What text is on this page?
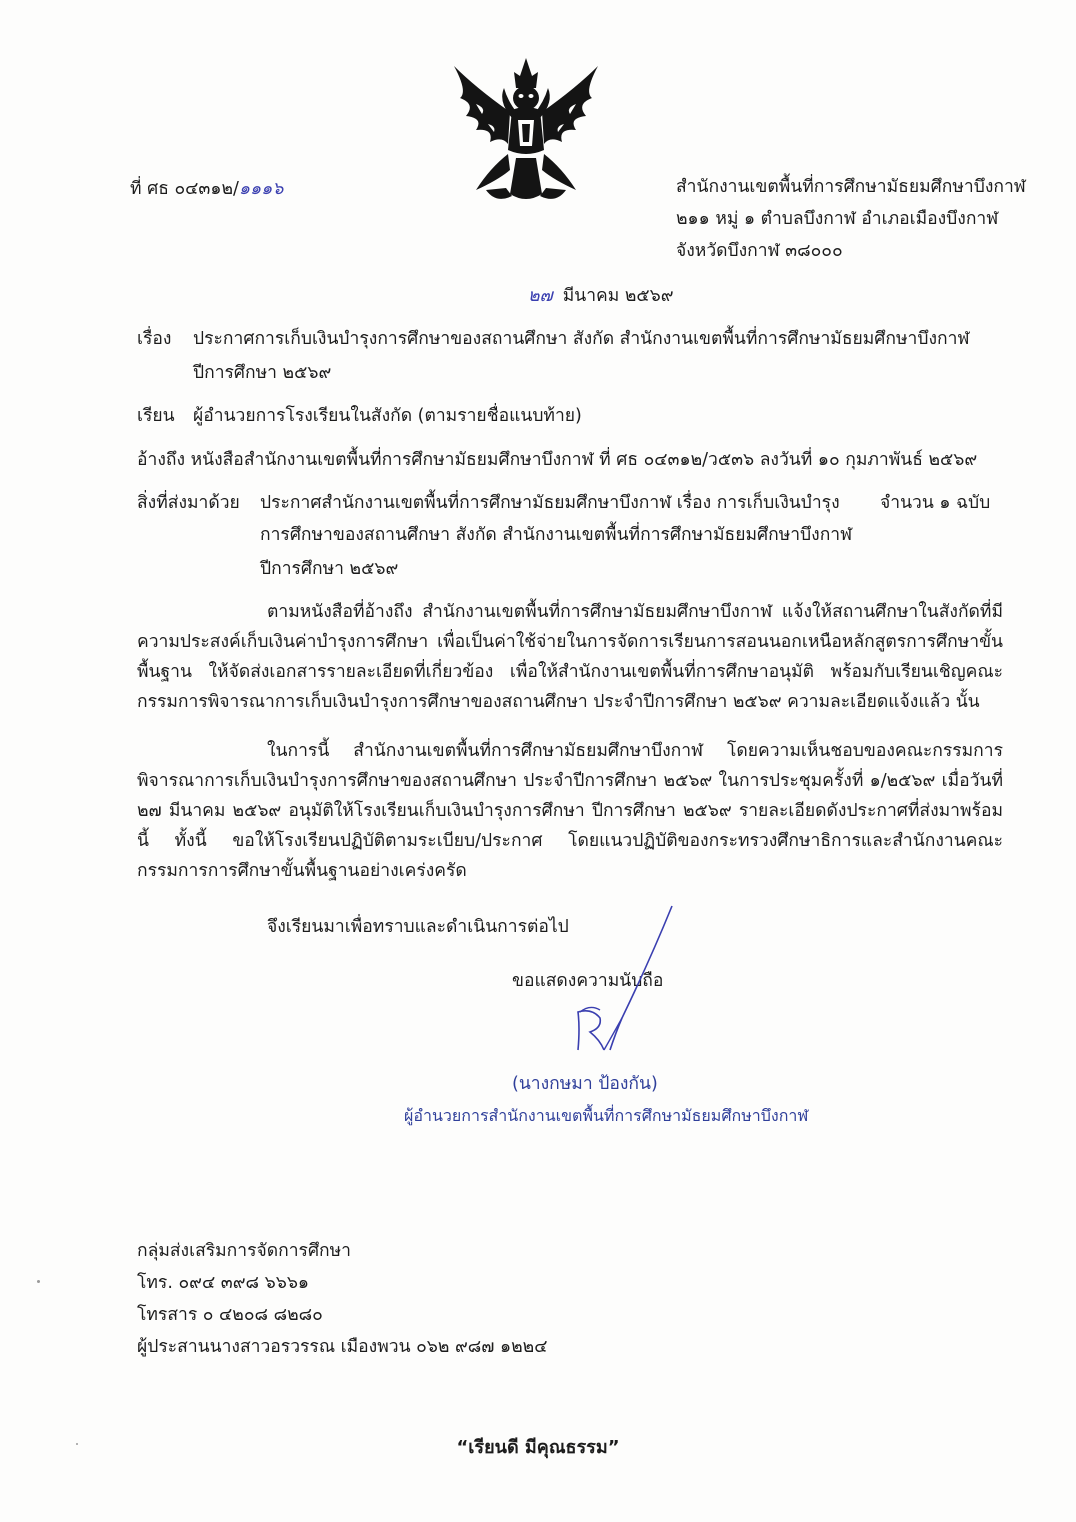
ที่ ศธ ๐๔๓๑๒/๑๑๑๖	สำนักงานเขตพื้นที่การศึกษามัธยมศึกษาบึงกาฬ
๒๑๑ หมู่ ๑ ตำบลบึงกาฬ อำเภอเมืองบึงกาฬ
จังหวัดบึงกาฬ ๓๘๐๐๐
๒๗ มีนาคม ๒๕๖๙
เรื่อง ประกาศการเก็บเงินบำรุงการศึกษาของสถานศึกษา สังกัด สำนักงานเขตพื้นที่การศึกษามัธยมศึกษาบึงกาฬ
ปีการศึกษา ๒๕๖๙
เรียน ผู้อำนวยการโรงเรียนในสังกัด (ตามรายชื่อแนบท้าย)
อ้างถึง หนังสือสำนักงานเขตพื้นที่การศึกษามัธยมศึกษาบึงกาฬ ที่ ศธ ๐๔๓๑๒/ว๕๓๖ ลงวันที่ ๑๐ กุมภาพันธ์ ๒๕๖๙
สิ่งที่ส่งมาด้วย ประกาศสำนักงานเขตพื้นที่การศึกษามัธยมศึกษาบึงกาฬ เรื่อง การเก็บเงินบำรุง จำนวน ๑ ฉบับ
การศึกษาของสถานศึกษา สังกัด สำนักงานเขตพื้นที่การศึกษามัธยมศึกษาบึงกาฬ
ปีการศึกษา ๒๕๖๙
ตามหนังสือที่อ้างถึง สำนักงานเขตพื้นที่การศึกษามัธยมศึกษาบึงกาฬ แจ้งให้สถานศึกษาในสังกัดที่มีความประสงค์เก็บเงินค่าบำรุงการศึกษา เพื่อเป็นค่าใช้จ่ายในการจัดการเรียนการสอนนอกเหนือหลักสูตรการศึกษาขั้นพื้นฐาน ให้จัดส่งเอกสารรายละเอียดที่เกี่ยวข้อง เพื่อให้สำนักงานเขตพื้นที่การศึกษาอนุมัติ พร้อมกับเรียนเชิญคณะกรรมการพิจารณาการเก็บเงินบำรุงการศึกษาของสถานศึกษา ประจำปีการศึกษา ๒๕๖๙ ความละเอียดแจ้งแล้ว นั้น
ในการนี้ สำนักงานเขตพื้นที่การศึกษามัธยมศึกษาบึงกาฬ โดยความเห็นชอบของคณะกรรมการพิจารณาการเก็บเงินบำรุงการศึกษาของสถานศึกษา ประจำปีการศึกษา ๒๕๖๙ ในการประชุมครั้งที่ ๑/๒๕๖๙ เมื่อวันที่ ๒๗ มีนาคม ๒๕๖๙ อนุมัติให้โรงเรียนเก็บเงินบำรุงการศึกษา ปีการศึกษา ๒๕๖๙ รายละเอียดดังประกาศที่ส่งมาพร้อมนี้ ทั้งนี้ ขอให้โรงเรียนปฏิบัติตามระเบียบ/ประกาศ โดยแนวปฏิบัติของกระทรวงศึกษาธิการและสำนักงานคณะกรรมการการศึกษาขั้นพื้นฐานอย่างเคร่งครัด
จึงเรียนมาเพื่อทราบและดำเนินการต่อไป
ขอแสดงความนับถือ
(นางกษมา ป้องกัน)
ผู้อำนวยการสำนักงานเขตพื้นที่การศึกษามัธยมศึกษาบึงกาฬ
กลุ่มส่งเสริมการจัดการศึกษา
โทร. ๐๙๔ ๓๙๘ ๖๖๖๑
โทรสาร ๐ ๔๒๐๘ ๘๒๘๐
ผู้ประสานนางสาวอรวรรณ เมืองพวน ๐๖๒ ๙๘๗ ๑๒๒๔
“เรียนดี มีคุณธรรม”
